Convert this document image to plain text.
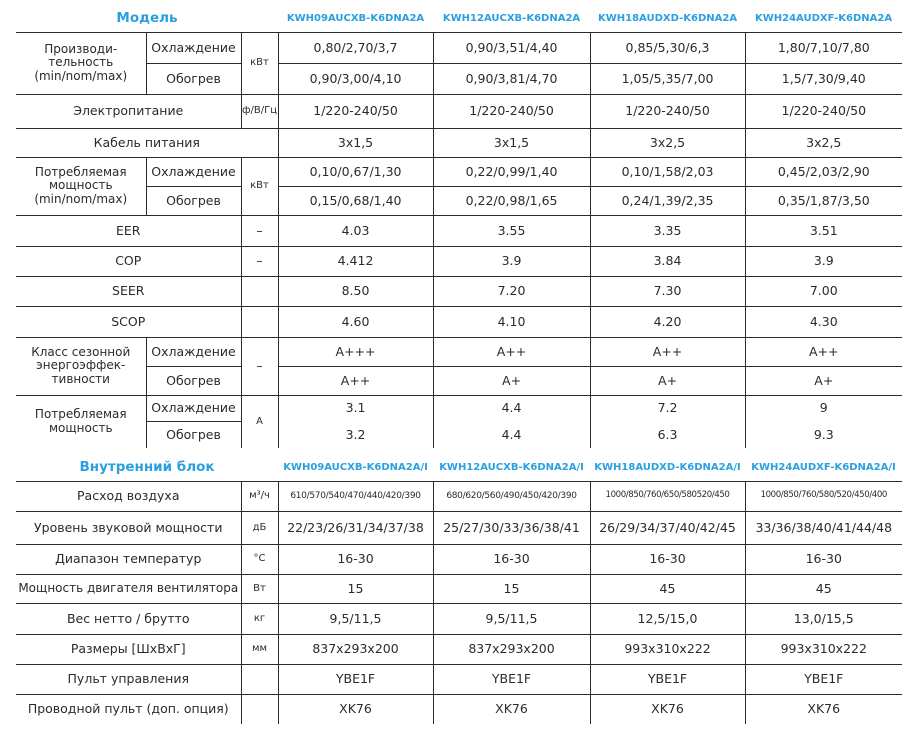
Модель			KWH09AUCXB-K6DNA2A	KWH12AUCXB-K6DNA2A	KWH18AUDXD-K6DNA2A	KWH24AUDXF-K6DNA2A
Производи-тельность (min/nom/max)	Охлаждение	кВт	0,80/2,70/3,7	0,90/3,51/4,40	0,85/5,30/6,3	1,80/7,10/7,80
	Обогрев		0,90/3,00/4,10	0,90/3,81/4,70	1,05/5,35/7,00	1,5/7,30/9,40
Электропитание		ф/В/Гц	1/220-240/50	1/220-240/50	1/220-240/50	1/220-240/50
Кабель питания			3x1,5	3x1,5	3x2,5	3x2,5
Потребляемая мощность (min/nom/max)	Охлаждение	кВт	0,10/0,67/1,30	0,22/0,99/1,40	0,10/1,58/2,03	0,45/2,03/2,90
	Обогрев		0,15/0,68/1,40	0,22/0,98/1,65	0,24/1,39/2,35	0,35/1,87/3,50
EER		–	4.03	3.55	3.35	3.51
COP		–	4.412	3.9	3.84	3.9
SEER			8.50	7.20	7.30	7.00
SCOP			4.60	4.10	4.20	4.30
Класс сезонной энергоэффек-тивности	Охлаждение	–	A+++	A++	A++	A++
	Обогрев		A++	A+	A+	A+
Потребляемая мощность	Охлаждение	А	3.1	4.4	7.2	9
	Обогрев		3.2	4.4	6.3	9.3
Внутренний блок		KWH09AUCXB-K6DNA2A/I	KWH12AUCXB-K6DNA2A/I	KWH18AUDXD-K6DNA2A/I	KWH24AUDXF-K6DNA2A/I
Расход воздуха	м³/ч	610/570/540/470/440/420/390	680/620/560/490/450/420/390	1000/850/760/650/580520/450	1000/850/760/580/520/450/400
Уровень звуковой мощности	дБ	22/23/26/31/34/37/38	25/27/30/33/36/38/41	26/29/34/37/40/42/45	33/36/38/40/41/44/48
Диапазон температур	°C	16-30	16-30	16-30	16-30
Мощность двигателя вентилятора	Вт	15	15	45	45
Вес нетто / брутто	кг	9,5/11,5	9,5/11,5	12,5/15,0	13,0/15,5
Размеры [ШxВxГ]	мм	837x293x200	837x293x200	993x310x222	993x310x222
Пульт управления		YBE1F	YBE1F	YBE1F	YBE1F
Проводной пульт (доп. опция)		XK76	XK76	XK76	XK76
